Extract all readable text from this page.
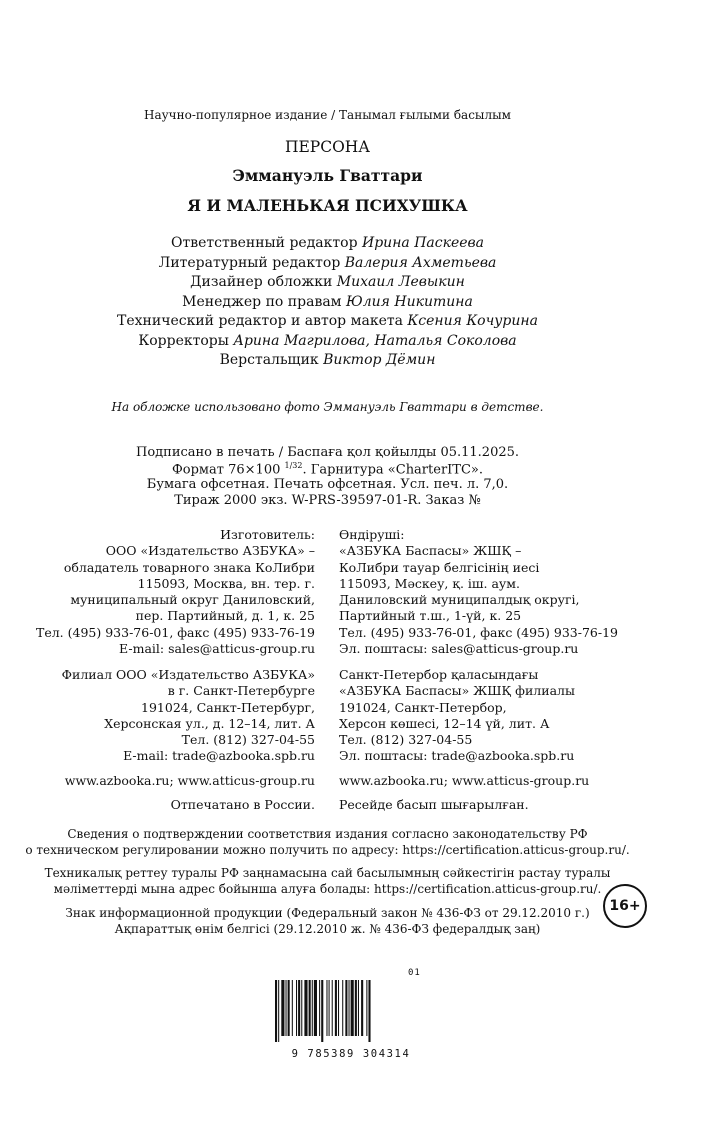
Научно-популярное издание / Танымал ғылыми басылым
ПЕРСОНА
Эммануэль Гваттари
Я И МАЛЕНЬКАЯ ПСИХУШКА
Ответственный редактор Ирина Паскеева
Литературный редактор Валерия Ахметьева
Дизайнер обложки Михаил Левыкин
Менеджер по правам Юлия Никитина
Технический редактор и автор макета Ксения Кочурина
Корректоры Арина Магрилова, Наталья Соколова
Верстальщик Виктор Дёмин
На обложке использовано фото Эммануэль Гваттари в детстве.
Подписано в печать / Баспаға қол қойылды 05.11.2025.
Формат 76×100 $^{1/32}$. Гарнитура «CharterITC».
Бумага офсетная. Печать офсетная. Усл. печ. л. 7,0.
Тираж 2000 экз. W-PRS-39597-01-R. Заказ №
Изготовитель:
ООО «Издательство АЗБУКА» –
обладатель товарного знака КоЛибри
115093, Москва, вн. тер. г.
муниципальный округ Даниловский,
пер. Партийный, д. 1, к. 25
Тел. (495) 933-76-01, факс (495) 933-76-19
E-mail: sales@atticus-group.ru
Өндіруші:
«АЗБУКА Баспасы» ЖШҚ –
КоЛибри тауар белгісінің иесі
115093, Мәскеу, қ. іш. аум.
Даниловский муниципалдық округі,
Партийный т.ш., 1-үй, к. 25
Тел. (495) 933-76-01, факс (495) 933-76-19
Эл. поштасы: sales@atticus-group.ru
Филиал ООО «Издательство АЗБУКА»
в г. Санкт-Петербурге
191024, Санкт-Петербург,
Херсонская ул., д. 12–14, лит. А
Тел. (812) 327-04-55
E-mail: trade@azbooka.spb.ru
Санкт-Петербор қаласындағы
«АЗБУКА Баспасы» ЖШҚ филиалы
191024, Санкт-Петербор,
Херсон көшесі, 12–14 үй, лит. А
Тел. (812) 327-04-55
Эл. поштасы: trade@azbooka.spb.ru
www.azbooka.ru; www.atticus-group.ru www.azbooka.ru; www.atticus-group.ru
Отпечатано в России. Ресейде басып шығарылған.
Сведения о подтверждении соответствия издания согласно законодательству РФ
о техническом регулировании можно получить по адресу: https://certification.atticus-group.ru/.
Техникалық реттеу туралы РФ заңнамасына сай басылымның сәйкестігін растау туралы
мәліметтерді мына адрес бойынша алуға болады: https://certification.atticus-group.ru/.
Знак информационной продукции (Федеральный закон № 436-ФЗ от 29.12.2010 г.)
Ақпараттық өнім белгісі (29.12.2010 ж. № 436-ФЗ федералдық заң)
16+
9 785389 304314
01
